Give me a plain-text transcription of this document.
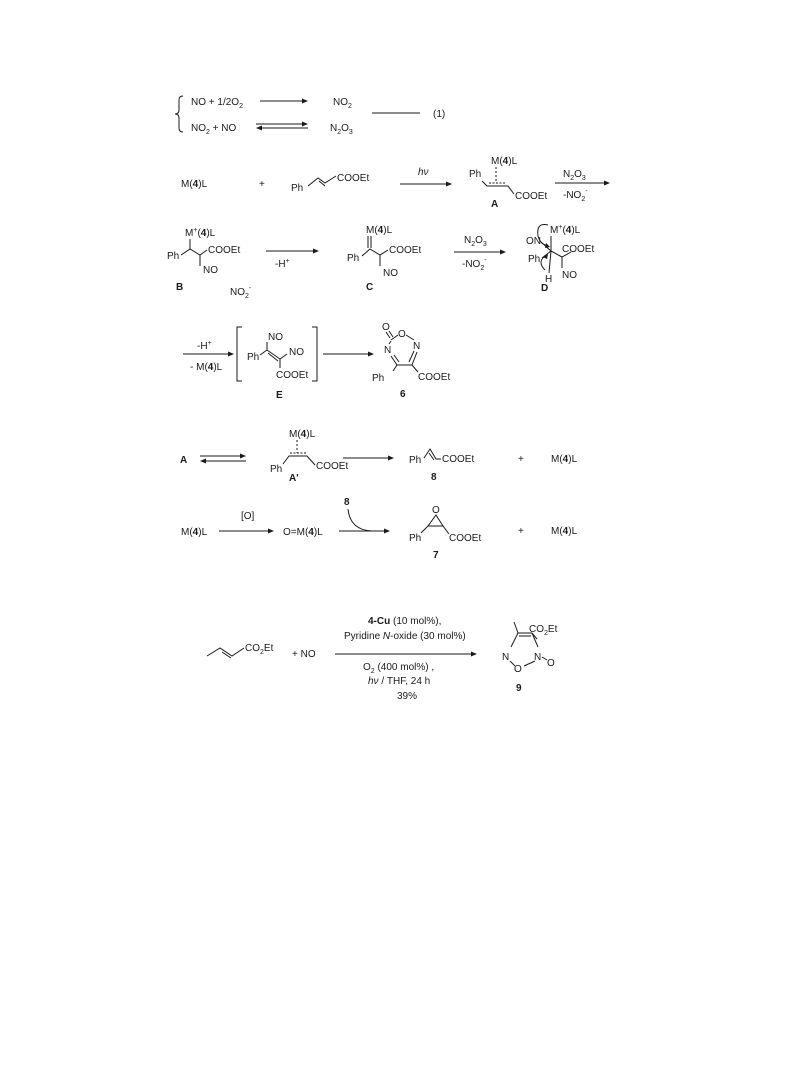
NO + $1/2O_2$	$NO_2$
$NO_2$ + NO	$N_2O_3$
(1)
M(4)L	+	Ph
COOEt
hν
M(4)L
Ph
COOEt
A
$N_2O_3$
$-NO_2^-$
M+(4)L
Ph
COOEt
NO
B	$NO_2^-$
-H+
M(4)L
Ph
COOEt
NO
C
$N_2O_3$
$-NO_2^-$
M+(4)L
ON
Ph
COOEt
NO
H
D
-H+
- M(4)L
NO
Ph	NO
COOEt
E
O
O
N N
Ph	COOEt
6
A
M(4)L
Ph	COOEt
A'
Ph COOEt
8
+	M(4)L
M(4)L
[O]
O=M(4)L
8
O
Ph	COOEt
7
+	M(4)L
$CO_2Et$
+ NO
4-Cu (10 mol%),
Pyridine N-oxide (30 mol%)
$O_2$ (400 mol%) ,
hν / THF, 24 h
39%
$CO_2Et$
N N
O
O
9
